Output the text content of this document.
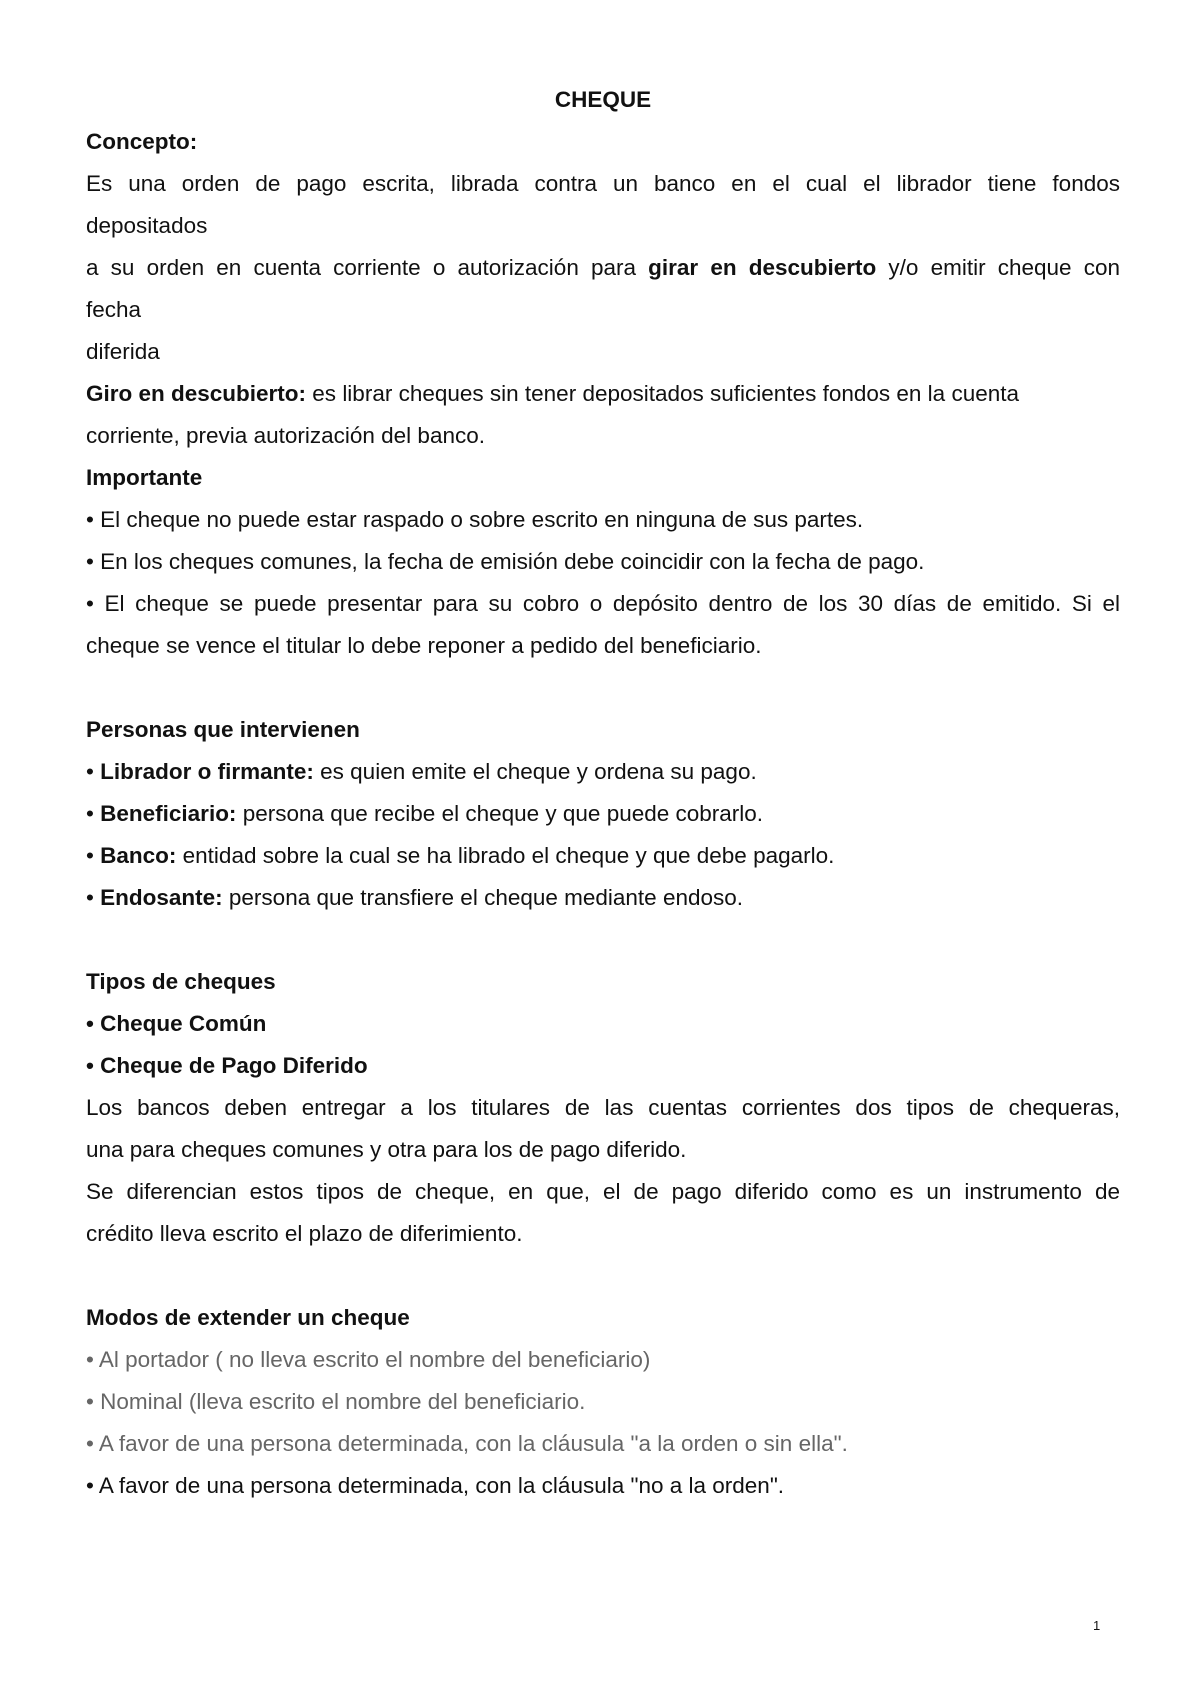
CHEQUE
Concepto:
Es una orden de pago escrita, librada contra un banco en el cual el librador tiene fondos
depositados
a su orden en cuenta corriente o autorización para girar en descubierto y/o emitir cheque con
fecha
diferida
Giro en descubierto: es librar cheques sin tener depositados suficientes fondos en la cuenta
corriente, previa autorización del banco.
Importante
• El cheque no puede estar raspado o sobre escrito en ninguna de sus partes.
• En los cheques comunes, la fecha de emisión debe coincidir con la fecha de pago.
• El cheque se puede presentar para su cobro o depósito dentro de los 30 días de emitido. Si el
cheque se vence el titular lo debe reponer a pedido del beneficiario.
Personas que intervienen
• Librador o firmante: es quien emite el cheque y ordena su pago.
• Beneficiario: persona que recibe el cheque y que puede cobrarlo.
• Banco: entidad sobre la cual se ha librado el cheque y que debe pagarlo.
• Endosante: persona que transfiere el cheque mediante endoso.
Tipos de cheques
• Cheque Común
• Cheque de Pago Diferido
Los bancos deben entregar a los titulares de las cuentas corrientes dos tipos de chequeras,
una para cheques comunes y otra para los de pago diferido.
Se diferencian estos tipos de cheque, en que, el de pago diferido como es un instrumento de
crédito lleva escrito el plazo de diferimiento.
Modos de extender un cheque
• Al portador ( no lleva escrito el nombre del beneficiario)
• Nominal (lleva escrito el nombre del beneficiario.
• A favor de una persona determinada, con la cláusula "a la orden o sin ella".
• A favor de una persona determinada, con la cláusula "no a la orden".
1
